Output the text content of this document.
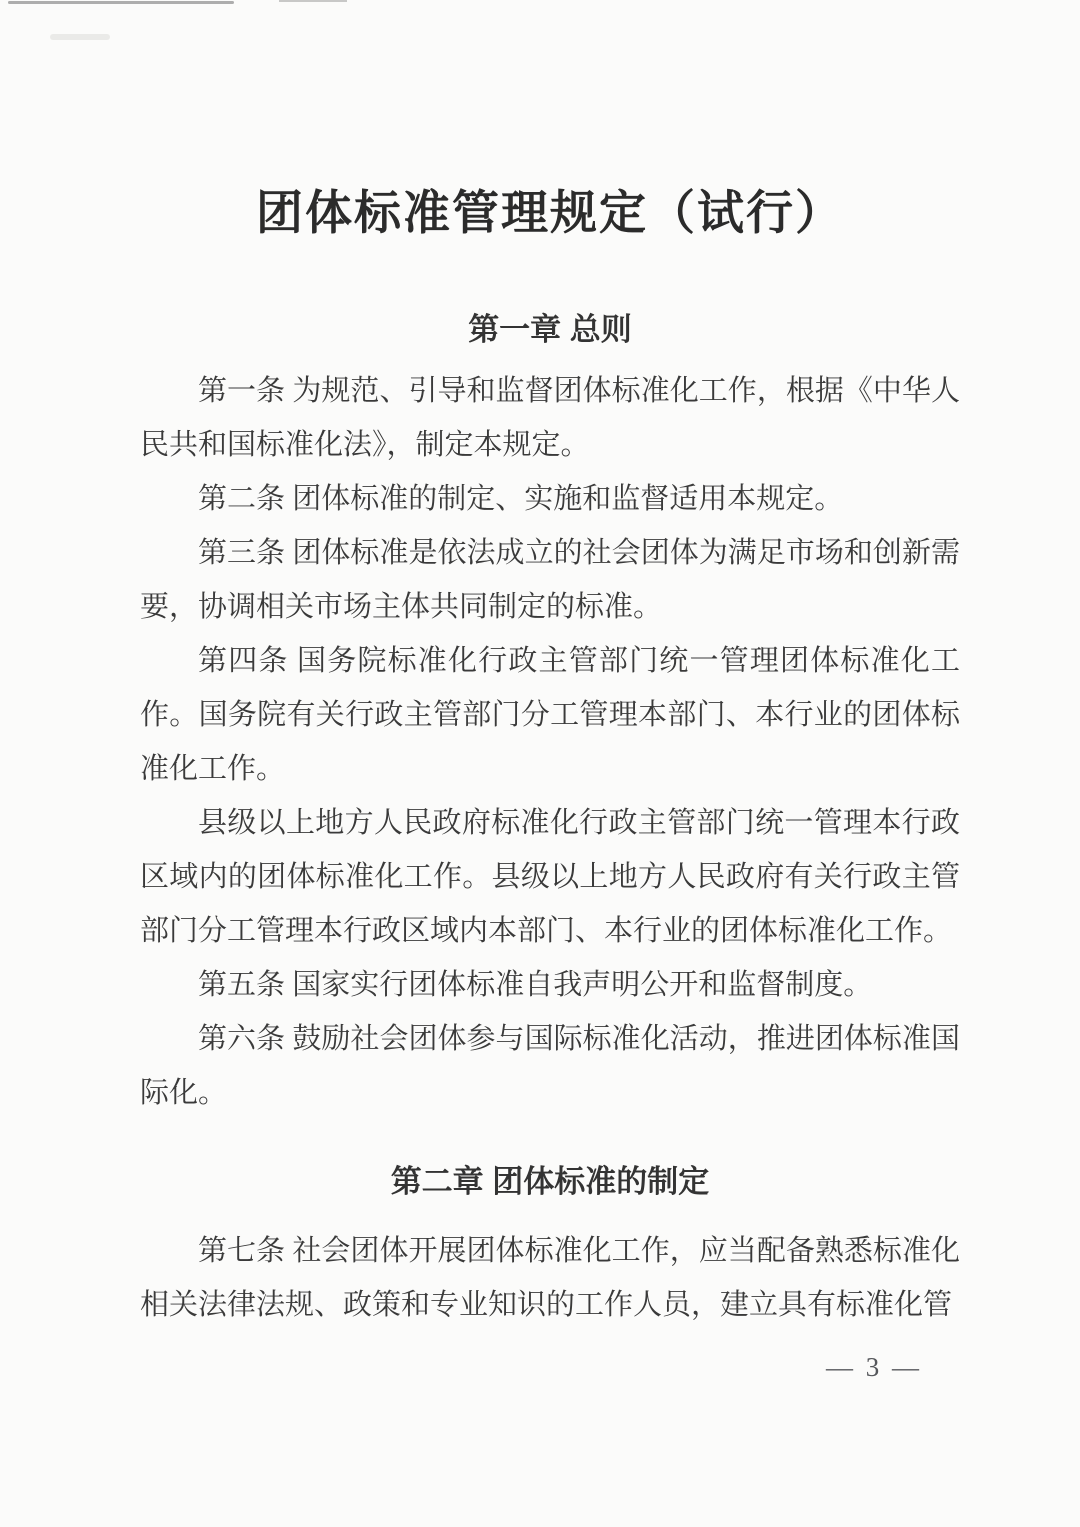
团体标准管理规定（试行）
第一章 总则

第一条 为规范、引导和监督团体标准化工作，根据《中华人民共和国标准化法》，制定本规定。

第二条 团体标准的制定、实施和监督适用本规定。

第三条 团体标准是依法成立的社会团体为满足市场和创新需要，协调相关市场主体共同制定的标准。

第四条 国务院标准化行政主管部门统一管理团体标准化工作。国务院有关行政主管部门分工管理本部门、本行业的团体标准化工作。

县级以上地方人民政府标准化行政主管部门统一管理本行政区域内的团体标准化工作。县级以上地方人民政府有关行政主管部门分工管理本行政区域内本部门、本行业的团体标准化工作。

第五条 国家实行团体标准自我声明公开和监督制度。

第六条 鼓励社会团体参与国际标准化活动，推进团体标准国际化。

第二章 团体标准的制定

第七条 社会团体开展团体标准化工作，应当配备熟悉标准化相关法律法规、政策和专业知识的工作人员，建立具有标准化管

— 3 —
